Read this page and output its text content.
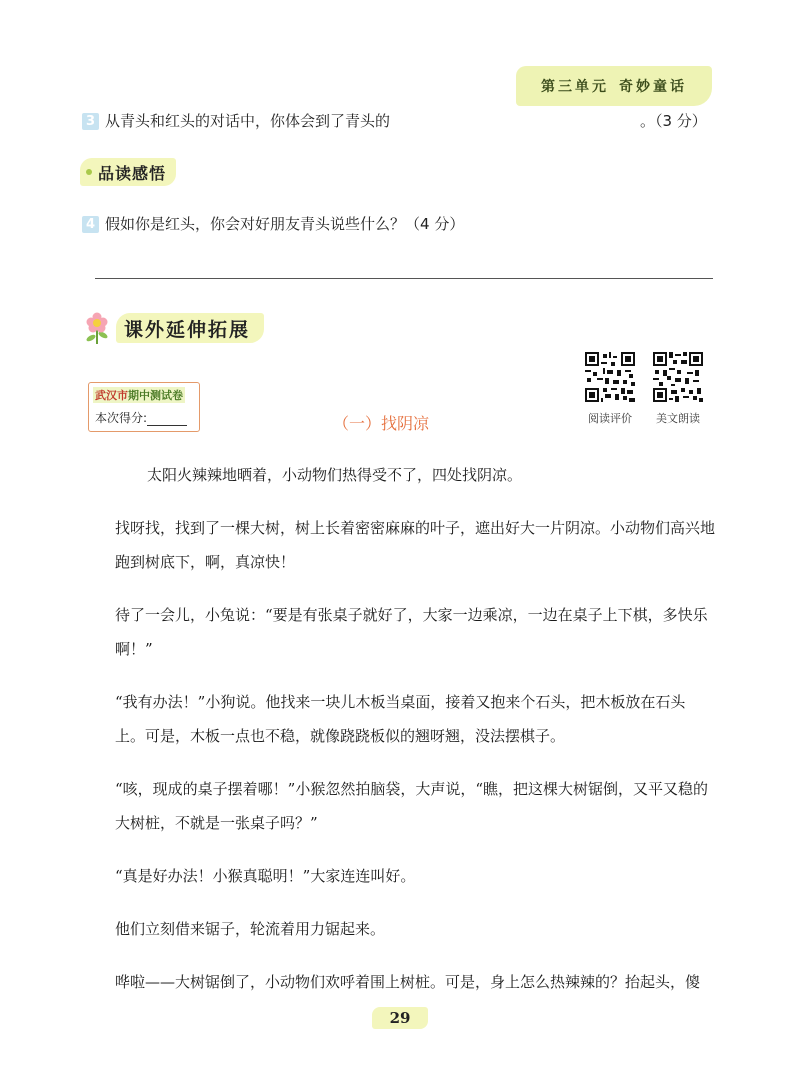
第三单元 奇妙童话
3 从青头和红头的对话中，你体会到了青头的	。（3 分）
品读感悟
4 假如你是红头，你会对好朋友青头说些什么？（4 分）
课外延伸拓展
武汉市期中测试卷
本次得分:	（一）找阴凉	阅读评价	美文朗读

太阳火辣辣地晒着，小动物们热得受不了，四处找阴凉。

找呀找，找到了一棵大树，树上长着密密麻麻的叶子，遮出好大一片阴凉。小动物们高兴地跑到树底下，啊，真凉快！

待了一会儿，小兔说：“要是有张桌子就好了，大家一边乘凉，一边在桌子上下棋，多快乐啊！”

“我有办法！”小狗说。他找来一块儿木板当桌面，接着又抱来个石头，把木板放在石头上。可是，木板一点也不稳，就像跷跷板似的翘呀翘，没法摆棋子。

“咳，现成的桌子摆着哪！”小猴忽然拍脑袋，大声说，“瞧，把这棵大树锯倒，又平又稳的大树桩，不就是一张桌子吗？”

“真是好办法！小猴真聪明！”大家连连叫好。

他们立刻借来锯子，轮流着用力锯起来。

哗啦——大树锯倒了，小动物们欢呼着围上树桩。可是，身上怎么热辣辣的？抬起头，傻

29
